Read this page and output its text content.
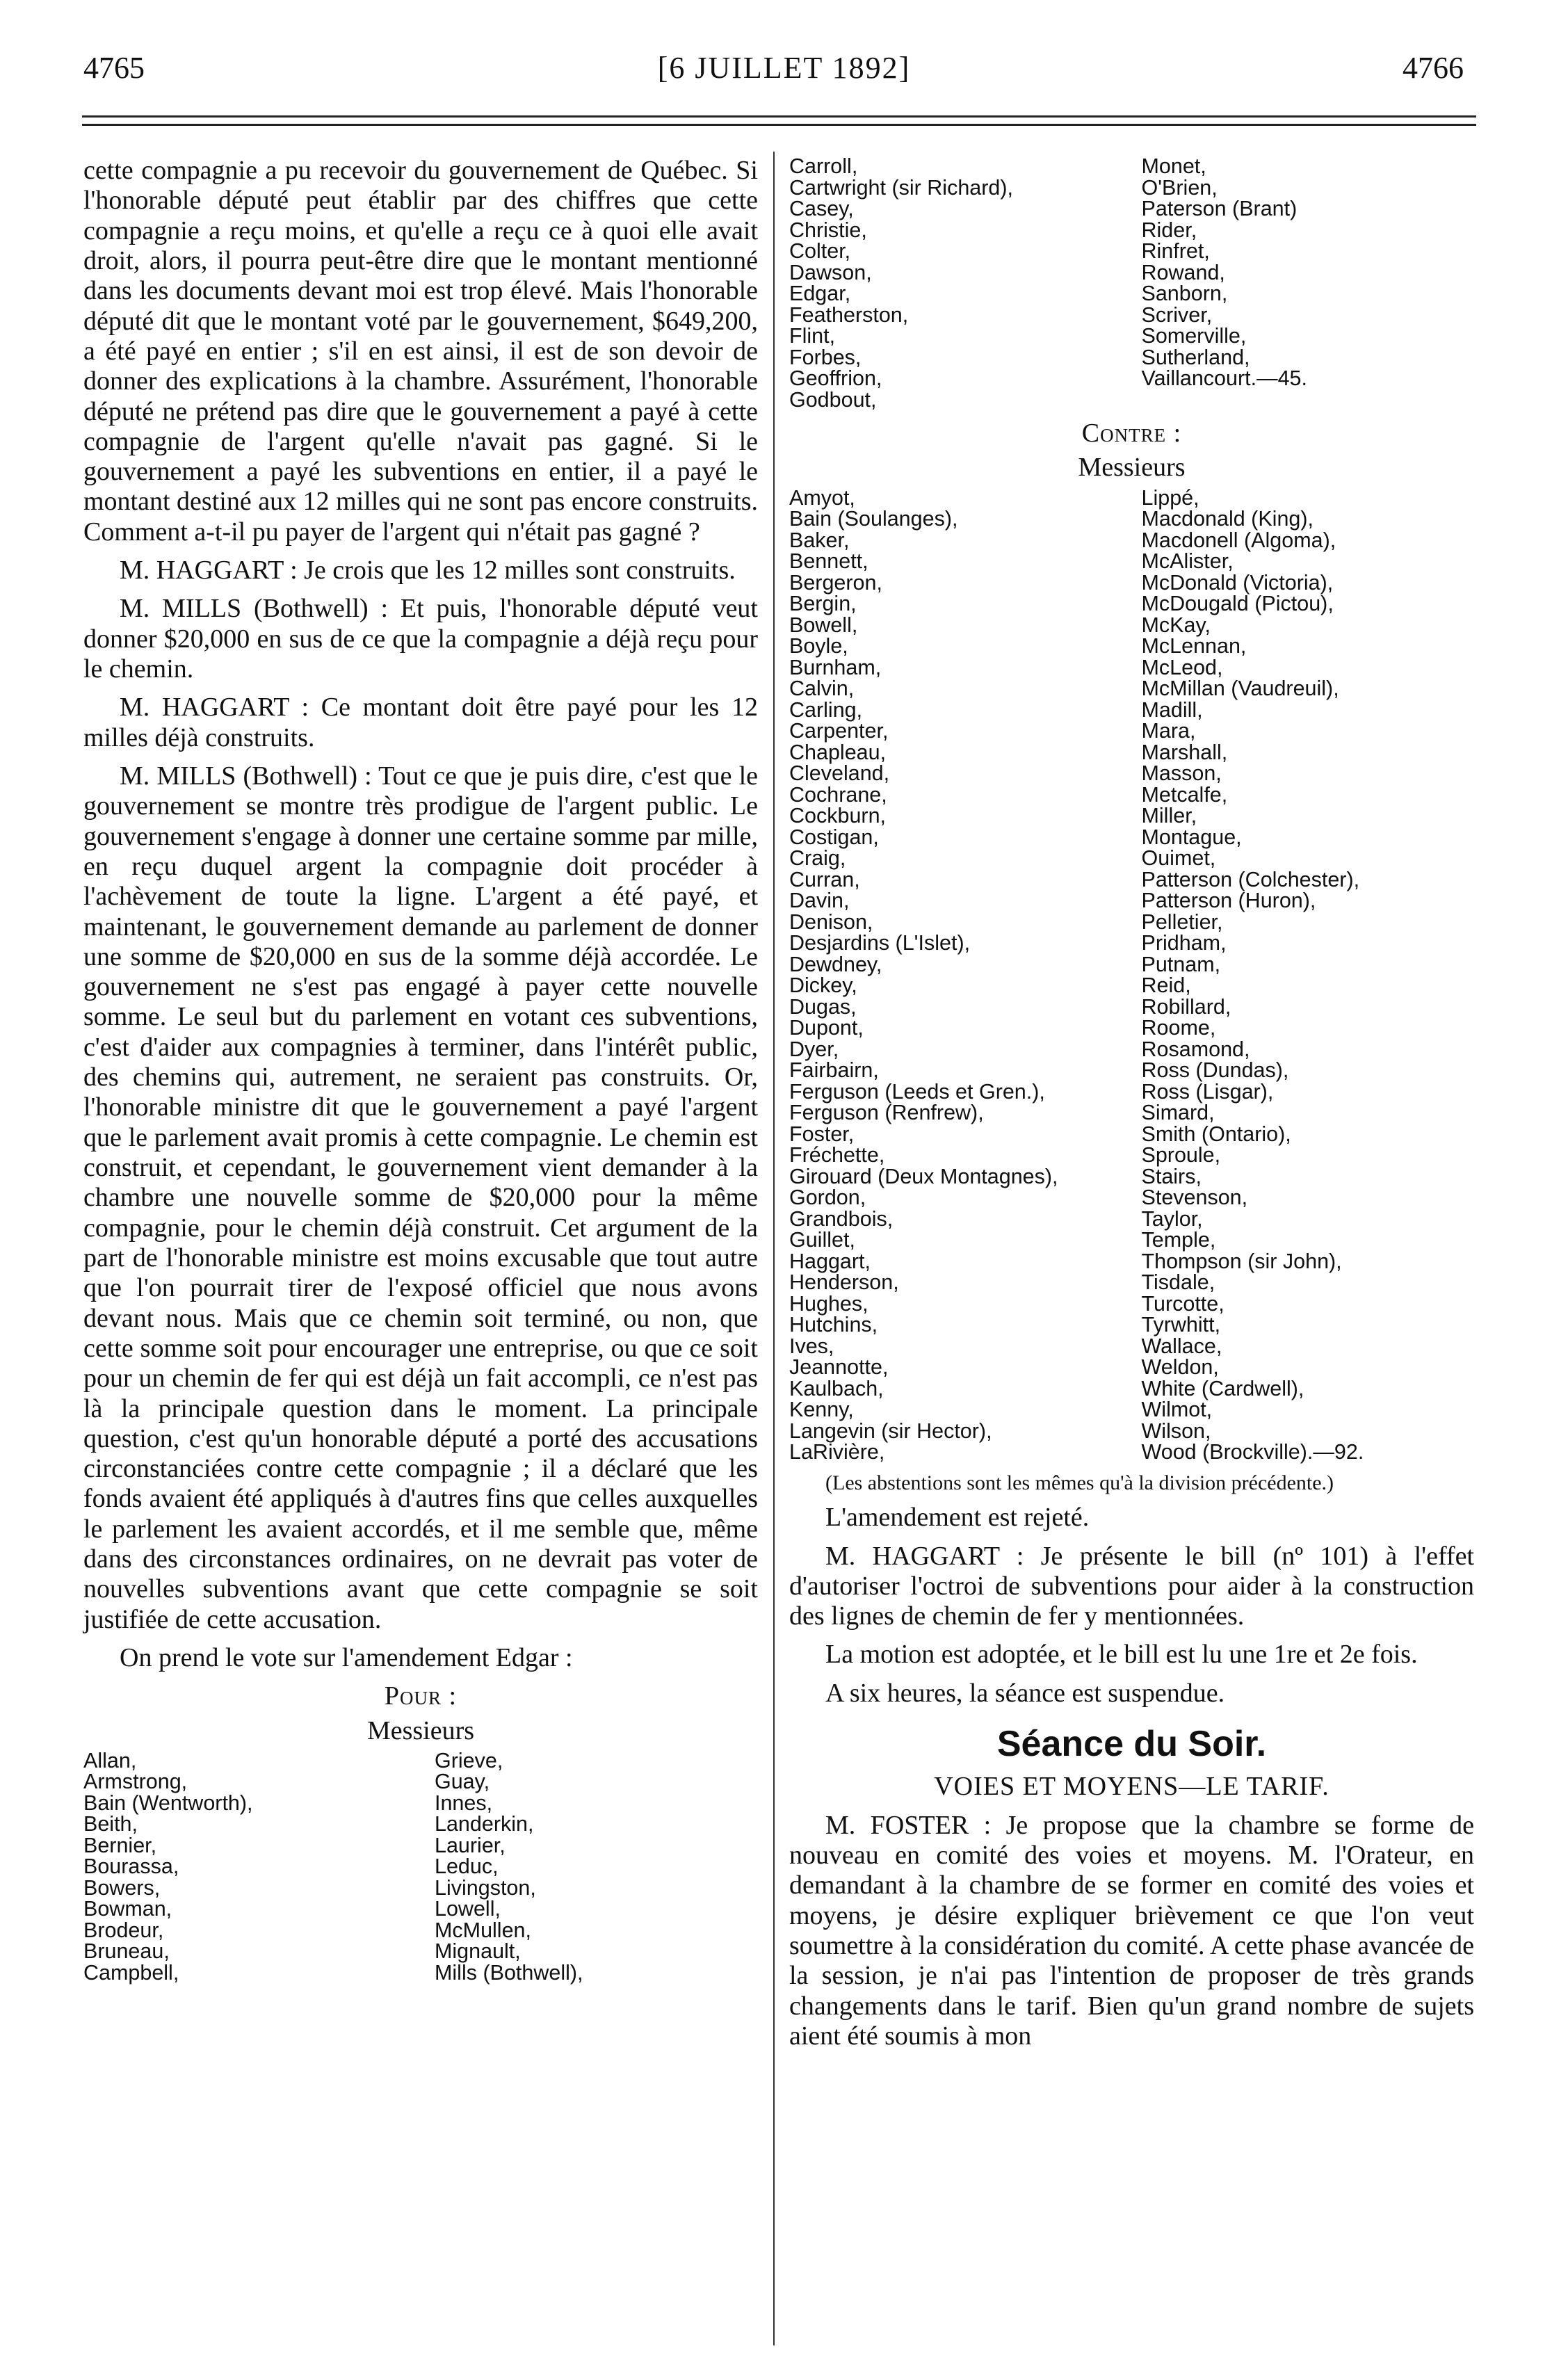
4765	[6 JUILLET 1892]	4766

cette compagnie a pu recevoir du gouvernement de Québec. Si l'honorable député peut établir par des chiffres que cette compagnie a reçu moins, et qu'elle a reçu ce à quoi elle avait droit, alors, il pourra peut-être dire que le montant mentionné dans les documents devant moi est trop élevé. Mais l'honorable député dit que le montant voté par le gouvernement, $649,200, a été payé en entier ; s'il en est ainsi, il est de son devoir de donner des explications à la chambre. Assurément, l'honorable député ne prétend pas dire que le gouvernement a payé à cette compagnie de l'argent qu'elle n'avait pas gagné. Si le gouvernement a payé les subventions en entier, il a payé le montant destiné aux 12 milles qui ne sont pas encore construits. Comment a-t-il pu payer de l'argent qui n'était pas gagné ?

M. HAGGART : Je crois que les 12 milles sont construits.

M. MILLS (Bothwell) : Et puis, l'honorable député veut donner $20,000 en sus de ce que la compagnie a déjà reçu pour le chemin.

M. HAGGART : Ce montant doit être payé pour les 12 milles déjà construits.

M. MILLS (Bothwell) : Tout ce que je puis dire, c'est que le gouvernement se montre très prodigue de l'argent public. Le gouvernement s'engage à donner une certaine somme par mille, en reçu duquel argent la compagnie doit procéder à l'achèvement de toute la ligne. L'argent a été payé, et maintenant, le gouvernement demande au parlement de donner une somme de $20,000 en sus de la somme déjà accordée. Le gouvernement ne s'est pas engagé à payer cette nouvelle somme. Le seul but du parlement en votant ces subventions, c'est d'aider aux compagnies à terminer, dans l'intérêt public, des chemins qui, autrement, ne seraient pas construits. Or, l'honorable ministre dit que le gouvernement a payé l'argent que le parlement avait promis à cette compagnie. Le chemin est construit, et cependant, le gouvernement vient demander à la chambre une nouvelle somme de $20,000 pour la même compagnie, pour le chemin déjà construit. Cet argument de la part de l'honorable ministre est moins excusable que tout autre que l'on pourrait tirer de l'exposé officiel que nous avons devant nous. Mais que ce chemin soit terminé, ou non, que cette somme soit pour encourager une entreprise, ou que ce soit pour un chemin de fer qui est déjà un fait accompli, ce n'est pas là la principale question dans le moment. La principale question, c'est qu'un honorable député a porté des accusations circonstanciées contre cette compagnie ; il a déclaré que les fonds avaient été appliqués à d'autres fins que celles auxquelles le parlement les avaient accordés, et il me semble que, même dans des circonstances ordinaires, on ne devrait pas voter de nouvelles subventions avant que cette compagnie se soit justifiée de cette accusation.

On prend le vote sur l'amendement Edgar :

Pour :
Messieurs
Allan,
Armstrong,
Bain (Wentworth),
Beith,
Bernier,
Bourassa,
Bowers,
Bowman,
Brodeur,
Bruneau,
Campbell,
Grieve,
Guay,
Innes,
Landerkin,
Laurier,
Leduc,
Livingston,
Lowell,
McMullen,
Mignault,
Mills (Bothwell),
Carroll,
Cartwright (sir Richard),
Casey,
Christie,
Colter,
Dawson,
Edgar,
Featherston,
Flint,
Forbes,
Geoffrion,
Godbout,
Monet,
O'Brien,
Paterson (Brant)
Rider,
Rinfret,
Rowand,
Sanborn,
Scriver,
Somerville,
Sutherland,
Vaillancourt.—45.
Contre :
Messieurs
Amyot,
Bain (Soulanges),
Baker,
Bennett,
Bergeron,
Bergin,
Bowell,
Boyle,
Burnham,
Calvin,
Carling,
Carpenter,
Chapleau,
Cleveland,
Cochrane,
Cockburn,
Costigan,
Craig,
Curran,
Davin,
Denison,
Desjardins (L'Islet),
Dewdney,
Dickey,
Dugas,
Dupont,
Dyer,
Fairbairn,
Ferguson (Leeds et Gren.),
Ferguson (Renfrew),
Foster,
Fréchette,
Girouard (Deux Montagnes),
Gordon,
Grandbois,
Guillet,
Haggart,
Henderson,
Hughes,
Hutchins,
Ives,
Jeannotte,
Kaulbach,
Kenny,
Langevin (sir Hector),
LaRivière,
Lippé,
Macdonald (King),
Macdonell (Algoma),
McAlister,
McDonald (Victoria),
McDougald (Pictou),
McKay,
McLennan,
McLeod,
McMillan (Vaudreuil),
Madill,
Mara,
Marshall,
Masson,
Metcalfe,
Miller,
Montague,
Ouimet,
Patterson (Colchester),
Patterson (Huron),
Pelletier,
Pridham,
Putnam,
Reid,
Robillard,
Roome,
Rosamond,
Ross (Dundas),
Ross (Lisgar),
Simard,
Smith (Ontario),
Sproule,
Stairs,
Stevenson,
Taylor,
Temple,
Thompson (sir John),
Tisdale,
Turcotte,
Tyrwhitt,
Wallace,
Weldon,
White (Cardwell),
Wilmot,
Wilson,
Wood (Brockville).—92.

(Les abstentions sont les mêmes qu'à la division précédente.)

L'amendement est rejeté.

M. HAGGART : Je présente le bill (nº 101) à l'effet d'autoriser l'octroi de subventions pour aider à la construction des lignes de chemin de fer y mentionnées.

La motion est adoptée, et le bill est lu une 1re et 2e fois.

A six heures, la séance est suspendue.

Séance du Soir.
VOIES ET MOYENS—LE TARIF.

M. FOSTER : Je propose que la chambre se forme de nouveau en comité des voies et moyens. M. l'Orateur, en demandant à la chambre de se former en comité des voies et moyens, je désire expliquer brièvement ce que l'on veut soumettre à la considération du comité. A cette phase avancée de la session, je n'ai pas l'intention de proposer de très grands changements dans le tarif. Bien qu'un grand nombre de sujets aient été soumis à mon
